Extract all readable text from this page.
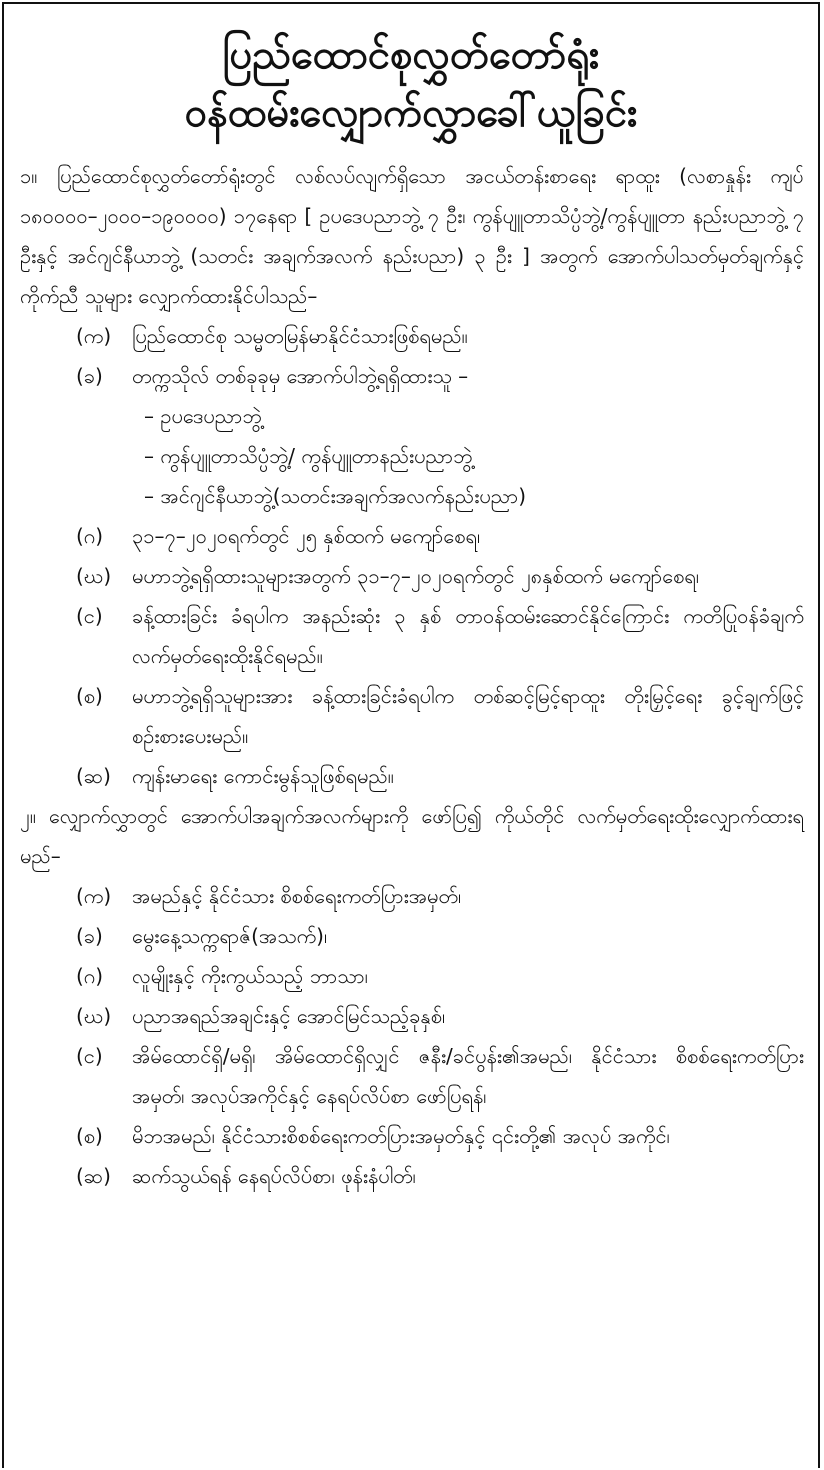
ပြည်ထောင်စုလွှတ်တော်ရုံး
ဝန်ထမ်းလျှောက်လွှာခေါ်ယူခြင်း

၁။ ပြည်ထောင်စုလွှတ်တော်ရုံးတွင် လစ်လပ်လျက်ရှိသော အငယ်တန်းစာရေး ရာထူး (လစာနှုန်း ကျပ် ၁၈၀၀၀၀–၂၀၀၀–၁၉၀၀၀၀) ၁၇နေရာ [ ဥပဒေပညာဘွဲ့ ၇ ဦး၊ ကွန်ပျူတာသိပ္ပံဘွဲ့/ကွန်ပျူတာ နည်းပညာဘွဲ့ ၇ ဦးနှင့် အင်ဂျင်နီယာဘွဲ့ (သတင်း အချက်အလက် နည်းပညာ) ၃ ဦး ] အတွက် အောက်ပါသတ်မှတ်ချက်နှင့် ကိုက်ညီ သူများ လျှောက်ထားနိုင်ပါသည်–

(က)	ပြည်ထောင်စု သမ္မတမြန်မာနိုင်ငံသားဖြစ်ရမည်။
(ခ)	တက္ကသိုလ် တစ်ခုခုမှ အောက်ပါဘွဲ့ရရှိထားသူ –
– ဥပဒေပညာဘွဲ့
– ကွန်ပျူတာသိပ္ပံဘွဲ့/ ကွန်ပျူတာနည်းပညာဘွဲ့
– အင်ဂျင်နီယာဘွဲ့(သတင်းအချက်အလက်နည်းပညာ)
(ဂ)	၃၁–၇–၂၀၂၀ရက်တွင် ၂၅ နှစ်ထက် မကျော်စေရ၊
(ဃ)	မဟာဘွဲ့ရရှိထားသူများအတွက် ၃၁–၇–၂၀၂၀ရက်တွင် ၂၈နှစ်ထက် မကျော်စေရ၊
(င)	ခန့်ထားခြင်း ခံရပါက အနည်းဆုံး ၃ နှစ် တာဝန်ထမ်းဆောင်နိုင်ကြောင်း ကတိပြုဝန်ခံချက်လက်မှတ်ရေးထိုးနိုင်ရမည်။
(စ)	မဟာဘွဲ့ရရှိသူများအား ခန့်ထားခြင်းခံရပါက တစ်ဆင့်မြင့်ရာထူး တိုးမြှင့်ရေး ခွင့်ချက်ဖြင့် စဉ်းစားပေးမည်။
(ဆ)	ကျန်းမာရေး ကောင်းမွန်သူဖြစ်ရမည်။

၂။ လျှောက်လွှာတွင် အောက်ပါအချက်အလက်များကို ဖော်ပြ၍ ကိုယ်တိုင် လက်မှတ်ရေးထိုးလျှောက်ထားရမည်–

(က)	အမည်နှင့် နိုင်ငံသား စိစစ်ရေးကတ်ပြားအမှတ်၊
(ခ)	မွေးနေ့သက္ကရာဇ်(အသက်)၊
(ဂ)	လူမျိုးနှင့် ကိုးကွယ်သည့် ဘာသာ၊
(ဃ)	ပညာအရည်အချင်းနှင့် အောင်မြင်သည့်ခုနှစ်၊
(င)	အိမ်ထောင်ရှိ/မရှိ၊ အိမ်ထောင်ရှိလျှင် ဇနီး/ခင်ပွန်း၏အမည်၊ နိုင်ငံသား စိစစ်ရေးကတ်ပြားအမှတ်၊ အလုပ်အကိုင်နှင့် နေရပ်လိပ်စာ ဖော်ပြရန်၊
(စ)	မိဘအမည်၊ နိုင်ငံသားစိစစ်ရေးကတ်ပြားအမှတ်နှင့် ၎င်းတို့၏ အလုပ် အကိုင်၊
(ဆ)	ဆက်သွယ်ရန် နေရပ်လိပ်စာ၊ ဖုန်းနံပါတ်၊
